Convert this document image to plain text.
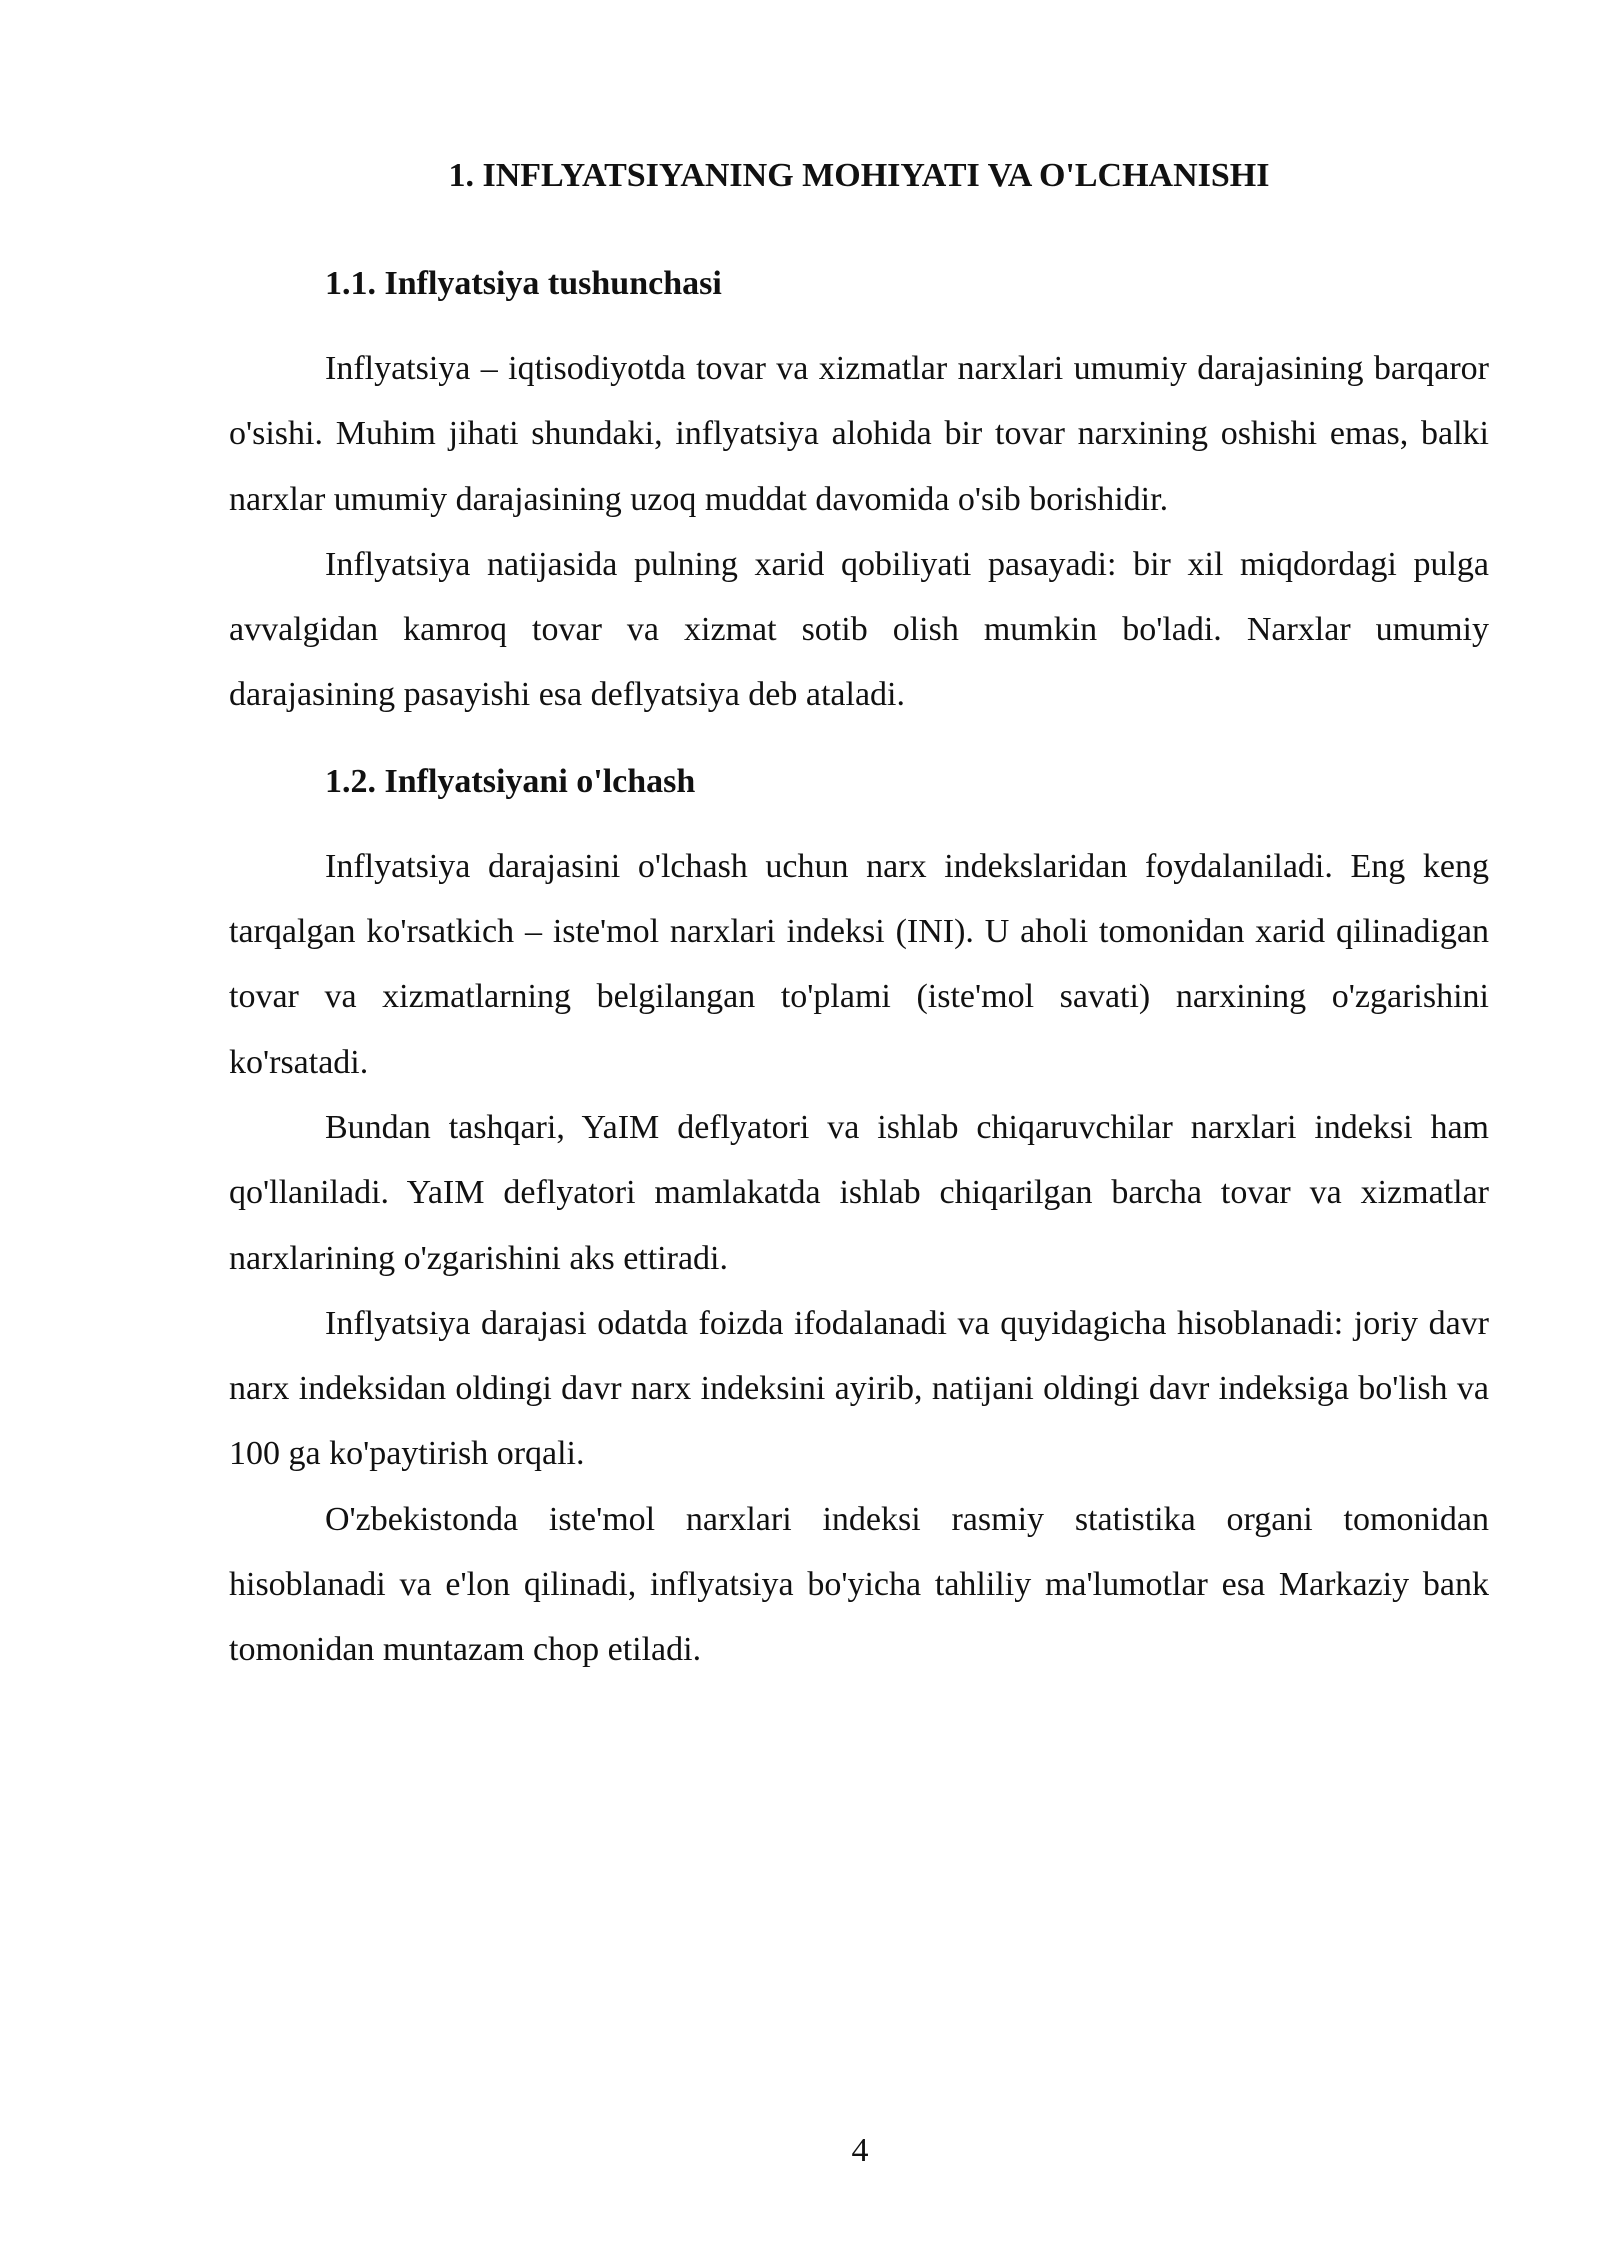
1. INFLYATSIYANING MOHIYATI VA O'LCHANISHI
1.1. Inflyatsiya tushunchasi

Inflyatsiya – iqtisodiyotda tovar va xizmatlar narxlari umumiy darajasining barqaror o'sishi. Muhim jihati shundaki, inflyatsiya alohida bir tovar narxining oshishi emas, balki narxlar umumiy darajasining uzoq muddat davomida o'sib borishidir.

Inflyatsiya natijasida pulning xarid qobiliyati pasayadi: bir xil miqdordagi pulga avvalgidan kamroq tovar va xizmat sotib olish mumkin bo'ladi. Narxlar umumiy darajasining pasayishi esa deflyatsiya deb ataladi.

1.2. Inflyatsiyani o'lchash

Inflyatsiya darajasini o'lchash uchun narx indekslaridan foydalaniladi. Eng keng tarqalgan ko'rsatkich – iste'mol narxlari indeksi (INI). U aholi tomonidan xarid qilinadigan tovar va xizmatlarning belgilangan to'plami (iste'mol savati) narxining o'zgarishini ko'rsatadi.

Bundan tashqari, YaIM deflyatori va ishlab chiqaruvchilar narxlari indeksi ham qo'llaniladi. YaIM deflyatori mamlakatda ishlab chiqarilgan barcha tovar va xizmatlar narxlarining o'zgarishini aks ettiradi.

Inflyatsiya darajasi odatda foizda ifodalanadi va quyidagicha hisoblanadi: joriy davr narx indeksidan oldingi davr narx indeksini ayirib, natijani oldingi davr indeksiga bo'lish va 100 ga ko'paytirish orqali.

O'zbekistonda iste'mol narxlari indeksi rasmiy statistika organi tomonidan hisoblanadi va e'lon qilinadi, inflyatsiya bo'yicha tahliliy ma'lumotlar esa Markaziy bank tomonidan muntazam chop etiladi.

4
